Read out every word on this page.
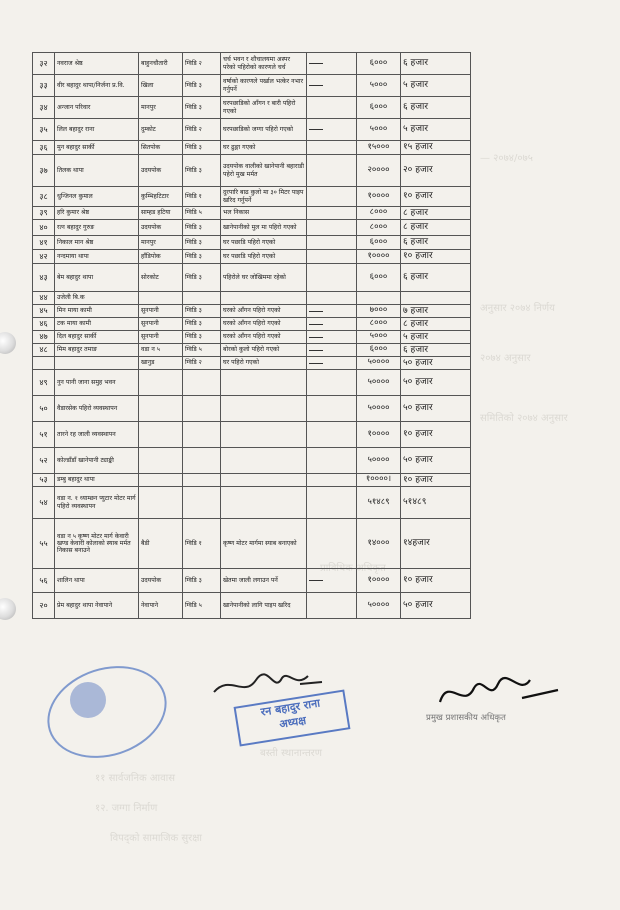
— २०७४/०७५
अनुसार २०७४ निर्णय
२०७४ अनुसार
समितिको २०७४ अनुसार
प्राविधिक अधिकृत
बस्ती स्थानान्तरण
११ सार्वजनिक आवास
१२. जग्गा निर्माण
विपद्को सामाजिक सुरक्षा
३२	नवराज श्रेष्ठ	बाहुनचौतारी	ग्विडि २	चर्च भवन र शौचालयमा अस्पर परेको पहिरोको कारणले चर्च		६०००	६ हजार
३३	वीर बहादुर थापा/निर्जना प्र.वि.	खिला	ग्विडि ३	वर्षाको कारणले पर्खाल भत्केर नभार गर्नुपर्ने		५०००	५ हजार
३४	अन्जान परिवार	मानपुर	ग्विडि ३	घरपछाडिको आँगन र बारी पहिरो गएको		६०००	६ हजार
३५	लिल बहादुर राना	दुम्कोट	ग्विडि २	घरपछाडिको जग्गा पहिरो गएको		५०००	५ हजार
३६	मुन बहादुर सार्की	सितपोक	ग्विडि ३	घर ढुङ्गा गएको		१५०००	१५ हजार
३७	तिलक थापा	उदयपोक	ग्विडि ३	उदयपोक वालीको खानेपानी बहाराडी पहेरो मुख मर्मत		२००००	२० हजार
३८	धुन्जिनल कुमाल	कुम्भिहटिटार	ग्विडि १	दुरपारि बाढ कुलो मा ३० मिटर पाइप खरिद गर्नुपर्ने		१००००	१० हजार
३९	हरि कुमार श्रेष्ठ	साम्हड हटिया	ग्विडि ५	भल निकास		८०००	८ हजार
४०	रत्न बहादुर गुरुङ	उदयपोक	ग्विडि ३	खानेपानीको मुल मा पहिरो गएको		८०००	८ हजार
४१	निकाल मान श्रेष्ठ	मानपुर	ग्विडि ३	घर पछाडि पहिरो गएको		६०००	६ हजार
४२	नन्दमाया थापा	हाँडिपोक	ग्विडि ३	घर पछाडि पहिरो गएको		१००००	१० हजार
४३	बेम बहादुर थापा	सोरकोट	ग्विडि ३	पहिरोले घर जोखिममा रहेको		६०००	६ हजार
४४	उजेली बि.क						
४५	मिन माया कामी	सुनपानी	ग्विडि ३	घरको आँगन पहिरो गएको		७०००	७ हजार
४६	टक माया कामी	सुनपानी	ग्विडि ३	घरको आँगन पहिरो गएको		८०००	८ हजार
४७	दिल बहादुर सार्की	सुनपानी	ग्विडि ३	घरको आँगन पहिरो गएको		५०००	५ हजार
४८	मिम बहादुर तमाङ	वडा न ५	ग्विडि ५	बोरको कुलो पहिरो गएको		६०००	६ हजार
		खानुड	ग्विडि २	घर पहिरो गएको		५००००	५० हजार
४९	नुन पानी जाना समुह भवन					५००००	५० हजार
५०	वैडारसेक पहिरो व्यवस्थापन					५००००	५० हजार
५१	तारने रह जाली व्यवस्थापन					१००००	१० हजार
५२	कोल्डाँडाँ खानेपानी ट्याङ्की					५००००	५० हजार
५३	डम्बु बहादुर थापा					१००००।	१० हजार
५४	वडा न. १ ध्याम्छन प्युटार मोटर मार्ग पहिरो व्यवस्थापन					५१४८९	५१४८९
५५	वडा न ५ कृष्ण मोटर मार्ग केवारी खण्ड केवारी कोलाको स्याब मर्मत निकास बनाउने	बैडी	ग्विडि १	कृष्ण मोटर मार्गमा स्याब बनाएको		१४०००	१४हजार
५६	शालिन थापा	उदयपोक	ग्विडि ३	खेतमा जाली लगाउन पर्ने		१००००	१० हजार
२०	प्रेम बहादुर थापा नेवापाने	नेवापाने	ग्विडि ५	खानेपानीको लागि पाइप खरिद		५००००	५० हजार
रन बहादुर राना
अध्यक्ष	प्रमुख प्रशासकीय अधिकृत
